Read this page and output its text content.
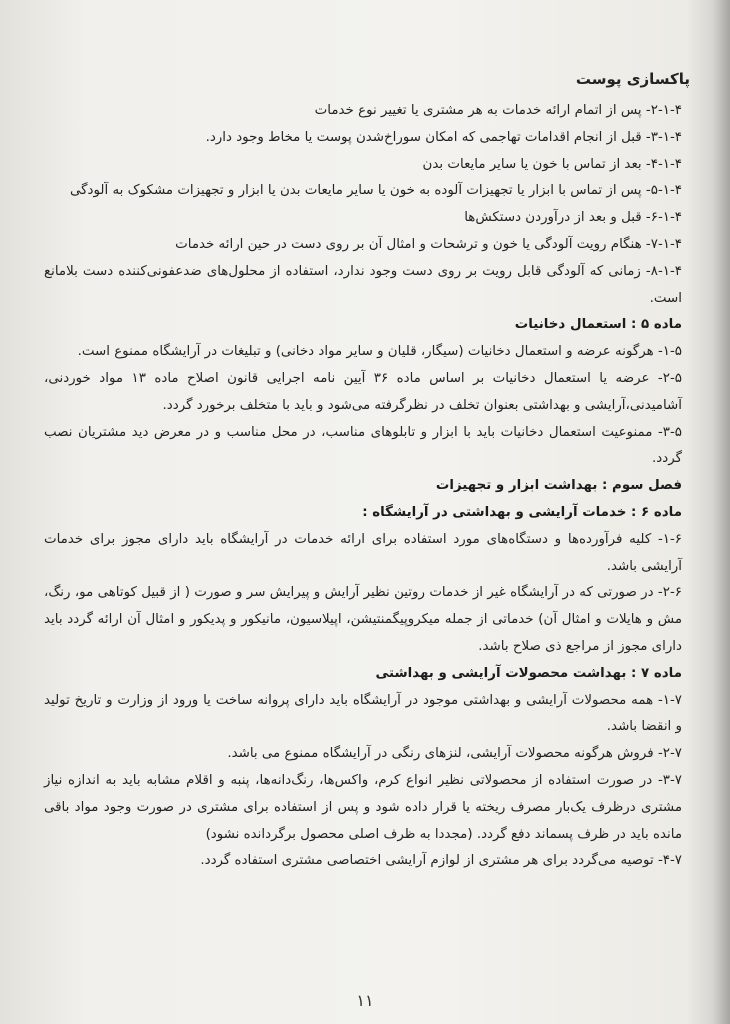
پاکسازی پوست

۲-۱-۴- پس از اتمام ارائه خدمات به هر مشتری یا تغییر نوع خدمات

۳-۱-۴- قبل از انجام اقدامات تهاجمی که امکان سوراخ‌شدن پوست یا مخاط وجود دارد.

۴-۱-۴- بعد از تماس با خون یا سایر مایعات بدن

۵-۱-۴- پس از تماس با ابزار یا تجهیزات آلوده به خون یا سایر مایعات بدن یا ابزار و تجهیزات مشکوک به آلودگی

۶-۱-۴- قبل و بعد از درآوردن دستکش‌ها

۷-۱-۴- هنگام رویت آلودگی یا خون و ترشحات و امثال آن بر روی دست در حین ارائه خدمات

۸-۱-۴- زمانی که آلودگی قابل رویت بر روی دست وجود ندارد، استفاده از محلول‌های ضدعفونی‌کننده دست بلامانع است.

ماده ۵ : استعمال دخانیات

۱-۵- هرگونه عرضه و استعمال دخانیات (سیگار، قلیان و سایر مواد دخانی) و تبلیغات در آرایشگاه ممنوع است.

۲-۵- عرضه یا استعمال دخانیات بر اساس ماده ۳۶ آیین نامه اجرایی قانون اصلاح ماده ۱۳ مواد خوردنی، آشامیدنی،آرایشی و بهداشتی بعنوان تخلف در نظرگرفته می‌شود و باید با متخلف برخورد گردد.

۳-۵- ممنوعیت استعمال دخانیات باید با ابزار و تابلوهای مناسب، در محل مناسب و در معرض دید مشتریان نصب گردد.

فصل سوم : بهداشت ابزار و تجهیزات

ماده ۶ : خدمات آرایشی و بهداشتی در آرایشگاه :

۱-۶- کلیه فرآورده‌ها و دستگاه‌های مورد استفاده برای ارائه خدمات در آرایشگاه باید دارای مجوز برای خدمات آرایشی باشد.

۲-۶- در صورتی که در آرایشگاه غیر از خدمات روتین نظیر آرایش و پیرایش سر و صورت ( از قبیل کوتاهی مو، رنگ، مش و هایلات و امثال آن) خدماتی از جمله میکروپیگمنتیشن، اپیلاسیون، مانیکور و پدیکور و امثال آن ارائه گردد باید دارای مجوز از مراجع ذی صلاح باشد.

ماده ۷ : بهداشت محصولات آرایشی و بهداشتی

۱-۷- همه محصولات آرایشی و بهداشتی موجود در آرایشگاه باید دارای پروانه ساخت یا ورود از وزارت و تاریخ تولید و انقضا باشد.

۲-۷- فروش هرگونه محصولات آرایشی، لنزهای رنگی در آرایشگاه ممنوع می باشد.

۳-۷- در صورت استفاده از محصولاتی نظیر انواع کرم، واکس‌ها، رنگ‌دانه‌ها، پنبه و اقلام مشابه باید به اندازه نیاز مشتری درظرف یک‌بار مصرف ریخته یا قرار داده شود و پس از استفاده برای مشتری در صورت وجود مواد باقی مانده باید در ظرف پسماند دفع گردد. (مجددا به ظرف اصلی محصول برگردانده نشود)

۴-۷- توصیه می‌گردد برای هر مشتری از لوازم آرایشی اختصاصی مشتری استفاده گردد.

۱۱
